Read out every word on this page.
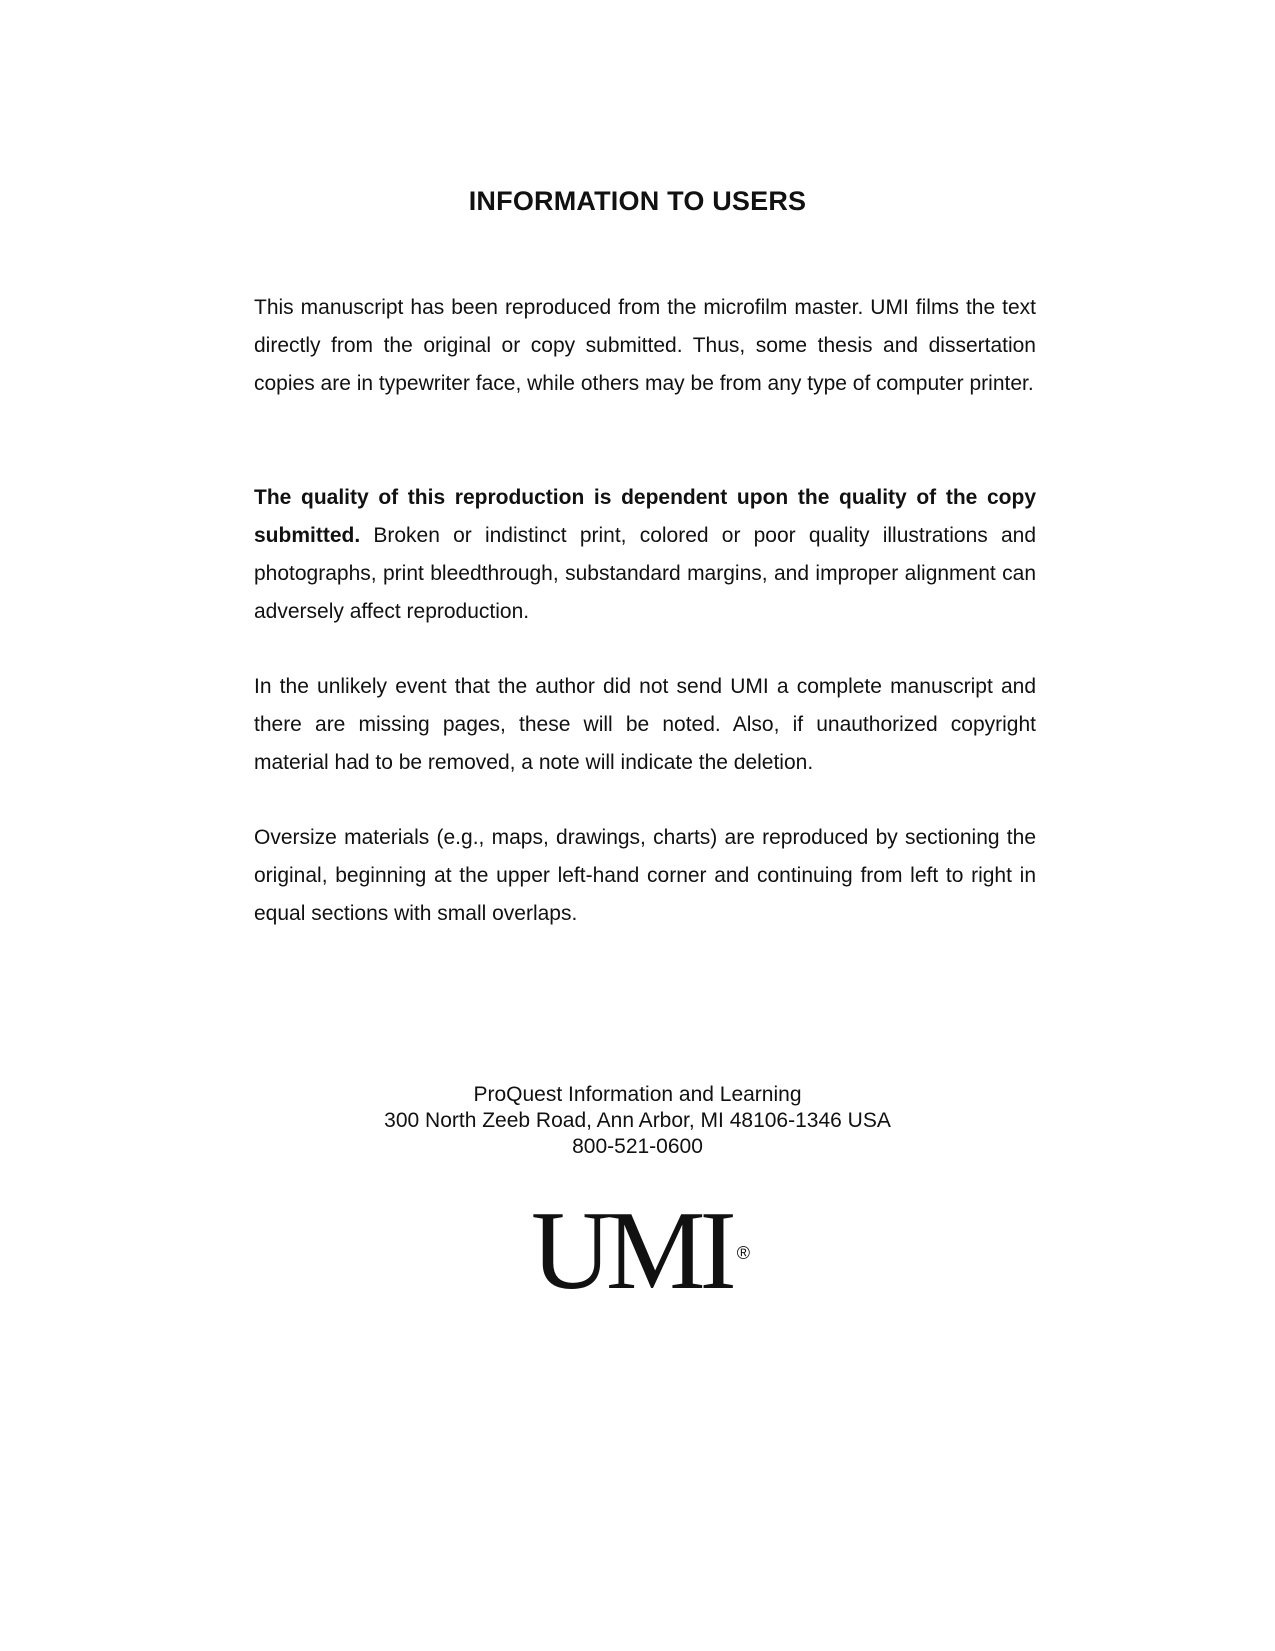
INFORMATION TO USERS
This manuscript has been reproduced from the microfilm master. UMI films the text directly from the original or copy submitted. Thus, some thesis and dissertation copies are in typewriter face, while others may be from any type of computer printer.
The quality of this reproduction is dependent upon the quality of the copy submitted. Broken or indistinct print, colored or poor quality illustrations and photographs, print bleedthrough, substandard margins, and improper alignment can adversely affect reproduction.
In the unlikely event that the author did not send UMI a complete manuscript and there are missing pages, these will be noted. Also, if unauthorized copyright material had to be removed, a note will indicate the deletion.
Oversize materials (e.g., maps, drawings, charts) are reproduced by sectioning the original, beginning at the upper left-hand corner and continuing from left to right in equal sections with small overlaps.
ProQuest Information and Learning
300 North Zeeb Road, Ann Arbor, MI 48106-1346 USA
800-521-0600
UMI ®
